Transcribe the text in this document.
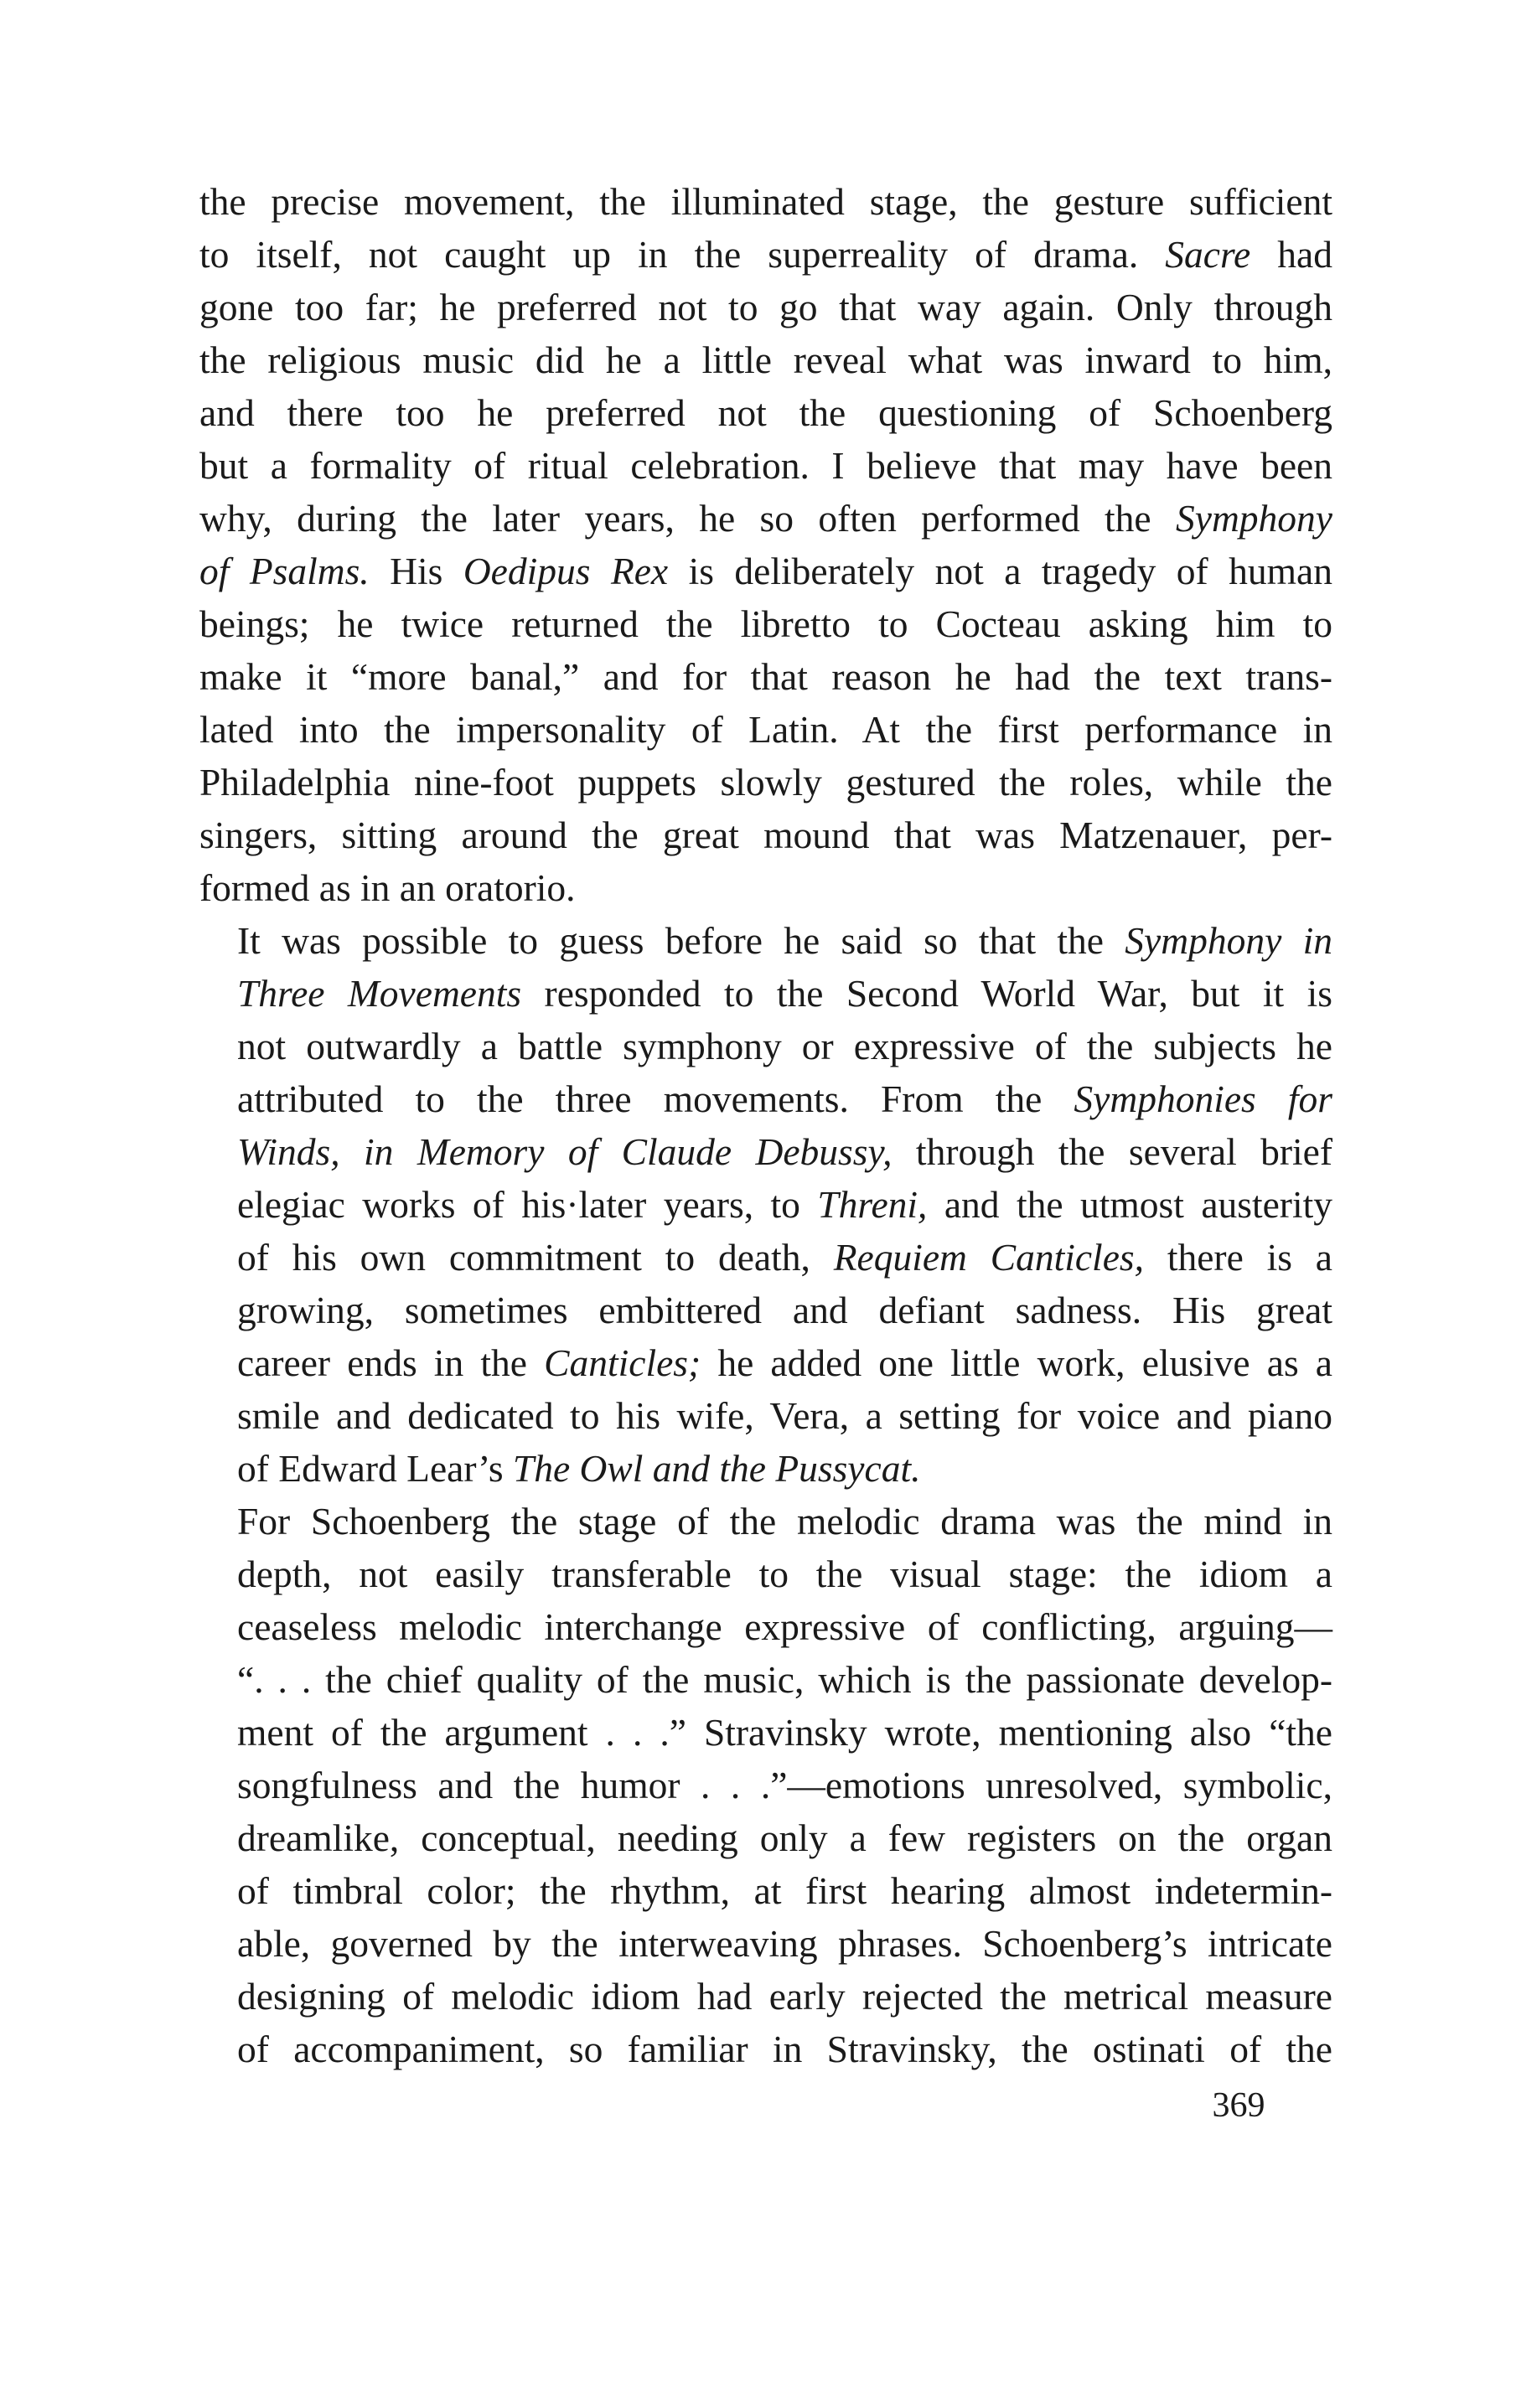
the precise movement, the illuminated stage, the gesture sufficient
to itself, not caught up in the superreality of drama. Sacre had
gone too far; he preferred not to go that way again. Only through
the religious music did he a little reveal what was inward to him,
and there too he preferred not the questioning of Schoenberg
but a formality of ritual celebration. I believe that may have been
why, during the later years, he so often performed the Symphony
of Psalms. His Oedipus Rex is deliberately not a tragedy of human
beings; he twice returned the libretto to Cocteau asking him to
make it “more banal,” and for that reason he had the text trans-
lated into the impersonality of Latin. At the first performance in
Philadelphia nine-foot puppets slowly gestured the roles, while the
singers, sitting around the great mound that was Matzenauer, per-
formed as in an oratorio.
It was possible to guess before he said so that the Symphony in
Three Movements responded to the Second World War, but it is
not outwardly a battle symphony or expressive of the subjects he
attributed to the three movements. From the Symphonies for
Winds, in Memory of Claude Debussy, through the several brief
elegiac works of his·later years, to Threni, and the utmost austerity
of his own commitment to death, Requiem Canticles, there is a
growing, sometimes embittered and defiant sadness. His great
career ends in the Canticles; he added one little work, elusive as a
smile and dedicated to his wife, Vera, a setting for voice and piano
of Edward Lear’s The Owl and the Pussycat.
For Schoenberg the stage of the melodic drama was the mind in
depth, not easily transferable to the visual stage: the idiom a
ceaseless melodic interchange expressive of conflicting, arguing—
“. . . the chief quality of the music, which is the passionate develop-
ment of the argument . . .” Stravinsky wrote, mentioning also “the
songfulness and the humor . . .”—emotions unresolved, symbolic,
dreamlike, conceptual, needing only a few registers on the organ
of timbral color; the rhythm, at first hearing almost indetermin-
able, governed by the interweaving phrases. Schoenberg’s intricate
designing of melodic idiom had early rejected the metrical measure
of accompaniment, so familiar in Stravinsky, the ostinati of the
369
